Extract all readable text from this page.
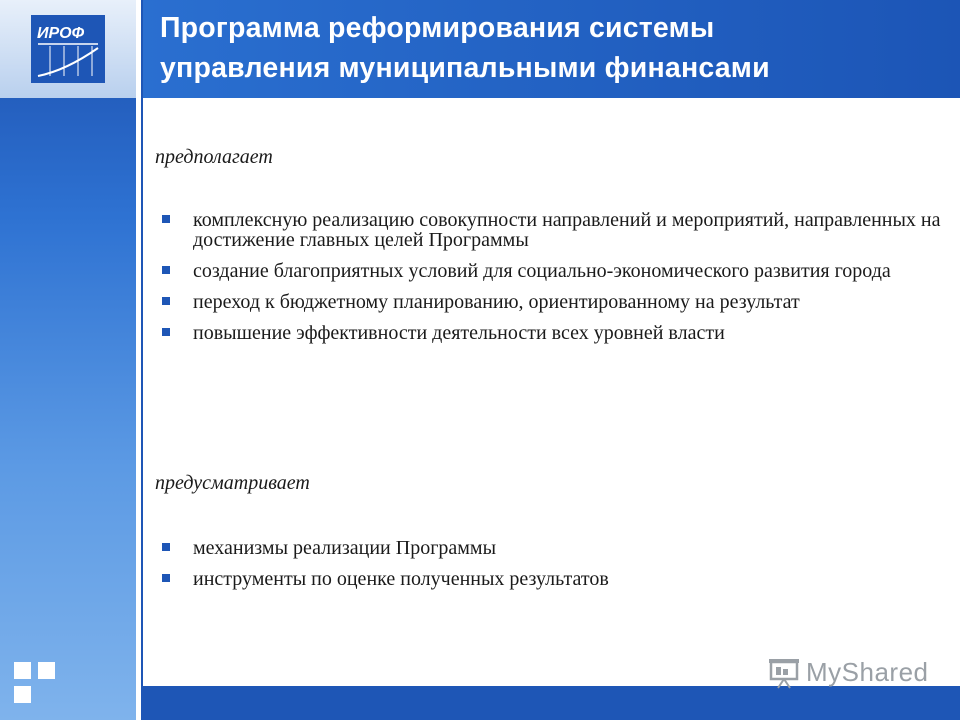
ИРОФ	Программа реформирования системы
управления муниципальными финансами
предполагает
комплексную реализацию совокупности направлений и мероприятий, направленных на достижение главных целей Программы
создание благоприятных условий для социально-экономического развития города
переход к бюджетному планированию, ориентированному на результат
повышение эффективности деятельности всех уровней власти
предусматривает
механизмы реализации Программы
инструменты по оценке полученных результатов
MyShared
